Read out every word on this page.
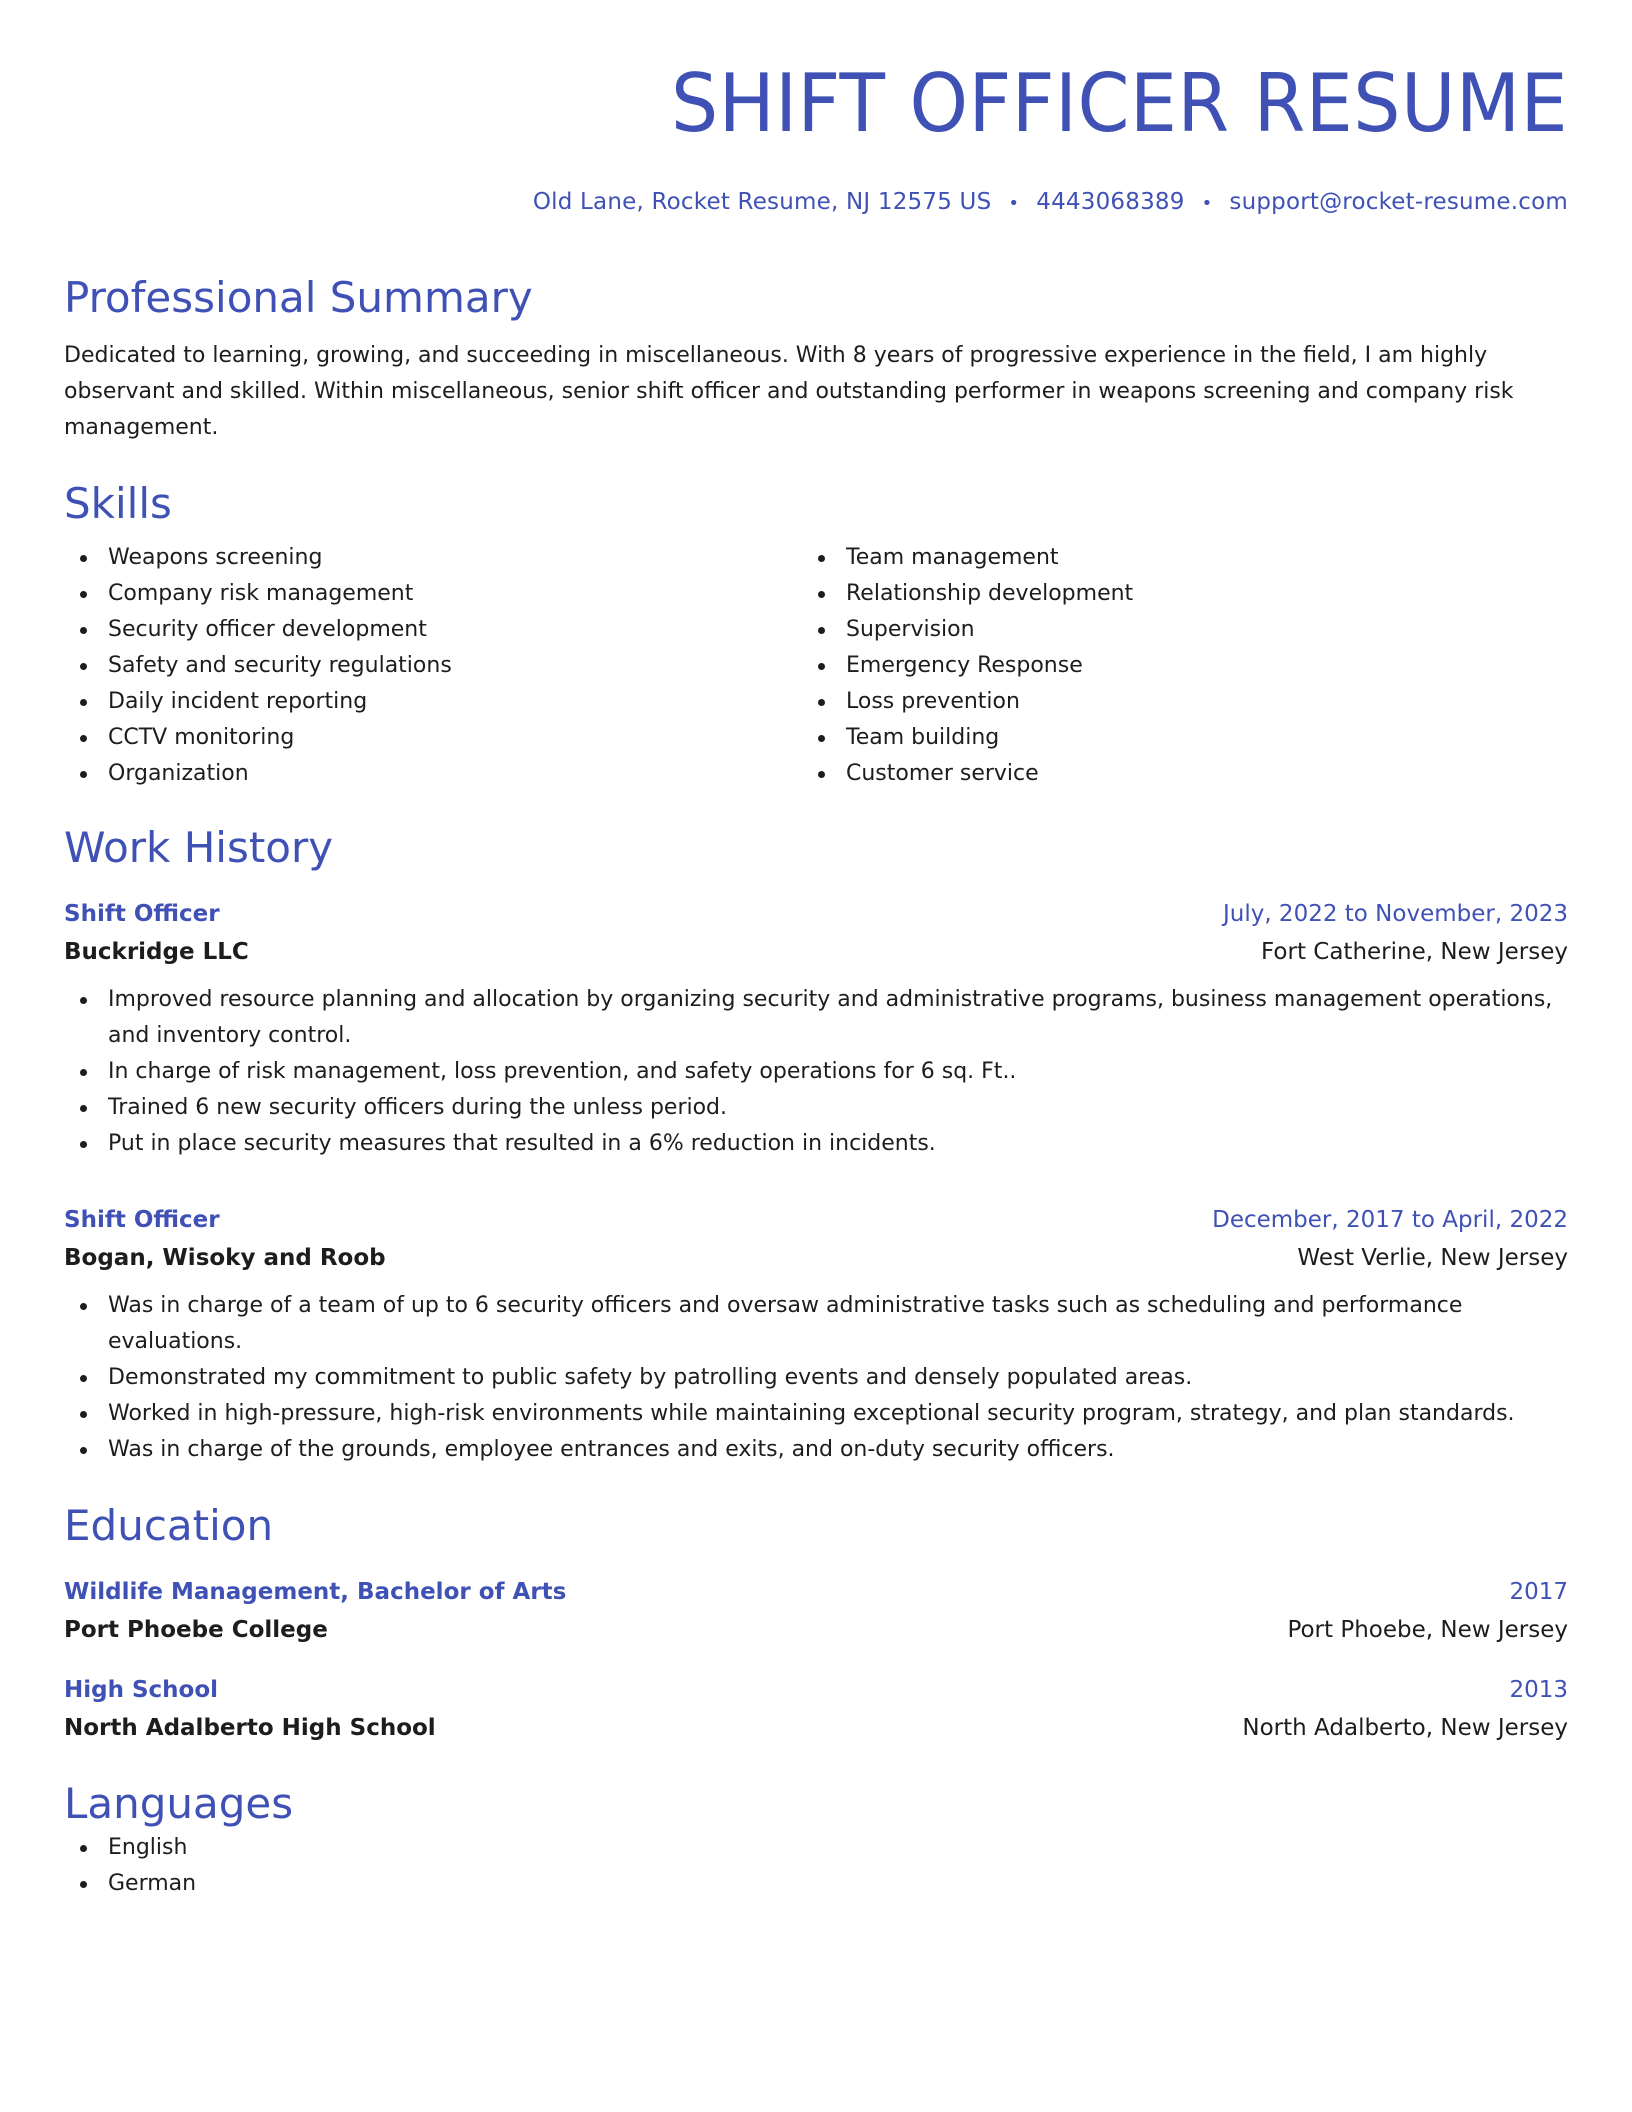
SHIFT OFFICER RESUME
Old Lane, Rocket Resume, NJ 12575 US • 4443068389 • support@rocket-resume.com
Professional Summary
Dedicated to learning, growing, and succeeding in miscellaneous. With 8 years of progressive experience in the field, I am highly observant and skilled. Within miscellaneous, senior shift officer and outstanding performer in weapons screening and company risk management.
Skills
Weapons screening
Company risk management
Security officer development
Safety and security regulations
Daily incident reporting
CCTV monitoring
Organization
Team management
Relationship development
Supervision
Emergency Response
Loss prevention
Team building
Customer service
Work History
Shift Officer	July, 2022 to November, 2023
Buckridge LLC	Fort Catherine, New Jersey
Improved resource planning and allocation by organizing security and administrative programs, business management operations, and inventory control.
In charge of risk management, loss prevention, and safety operations for 6 sq. Ft..
Trained 6 new security officers during the unless period.
Put in place security measures that resulted in a 6% reduction in incidents.
Shift Officer	December, 2017 to April, 2022
Bogan, Wisoky and Roob	West Verlie, New Jersey
Was in charge of a team of up to 6 security officers and oversaw administrative tasks such as scheduling and performance evaluations.
Demonstrated my commitment to public safety by patrolling events and densely populated areas.
Worked in high-pressure, high-risk environments while maintaining exceptional security program, strategy, and plan standards.
Was in charge of the grounds, employee entrances and exits, and on-duty security officers.
Education
Wildlife Management, Bachelor of Arts	2017
Port Phoebe College	Port Phoebe, New Jersey
High School	2013
North Adalberto High School	North Adalberto, New Jersey
Languages
English
German
